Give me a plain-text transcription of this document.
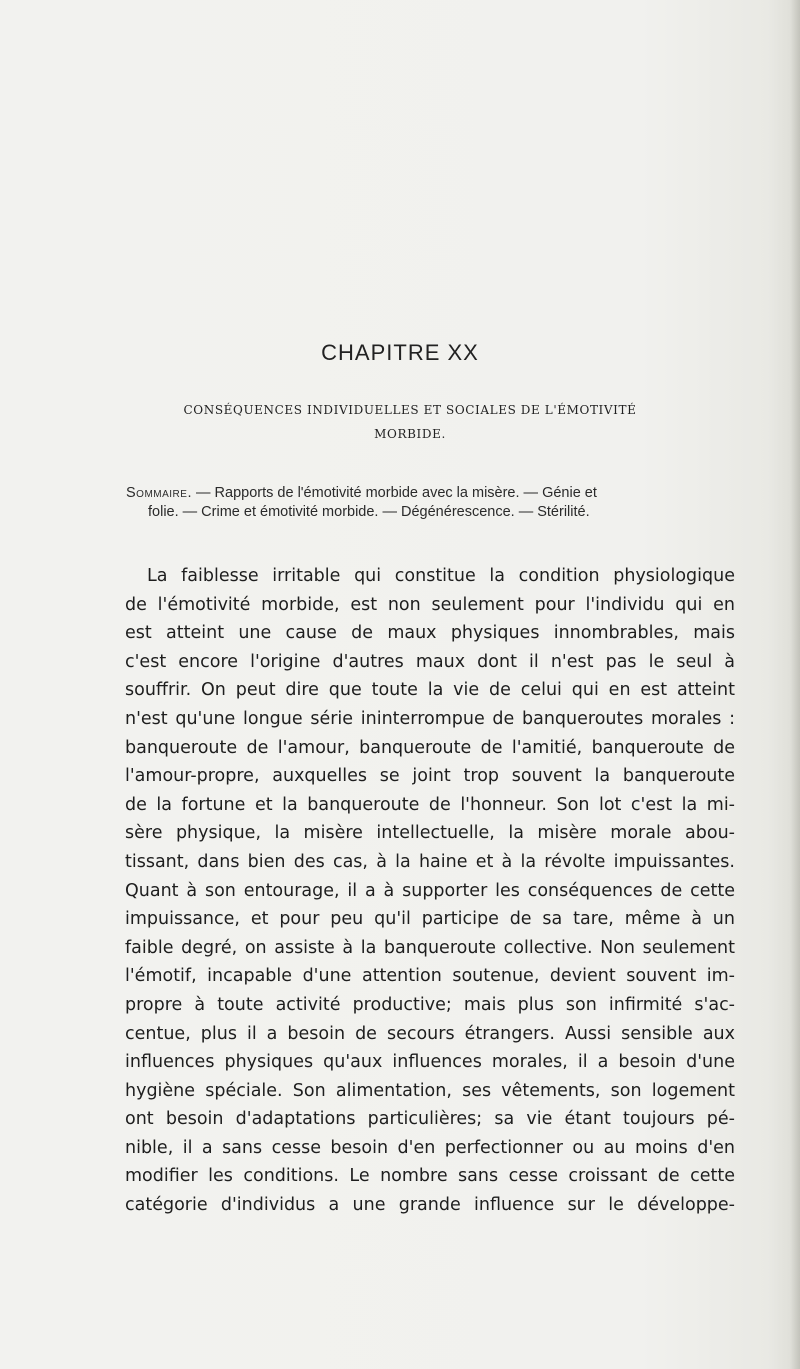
CHAPITRE XX
CONSÉQUENCES INDIVIDUELLES ET SOCIALES DE L'ÉMOTIVITÉ
MORBIDE.
Sommaire. — Rapports de l'émotivité morbide avec la misère. — Génie et
folie. — Crime et émotivité morbide. — Dégénérescence. — Stérilité.
La faiblesse irritable qui constitue la condition physiologique
de l'émotivité morbide, est non seulement pour l'individu qui en
est atteint une cause de maux physiques innombrables, mais
c'est encore l'origine d'autres maux dont il n'est pas le seul à
souffrir. On peut dire que toute la vie de celui qui en est atteint
n'est qu'une longue série ininterrompue de banqueroutes morales :
banqueroute de l'amour, banqueroute de l'amitié, banqueroute de
l'amour-propre, auxquelles se joint trop souvent la banqueroute
de la fortune et la banqueroute de l'honneur. Son lot c'est la mi-
sère physique, la misère intellectuelle, la misère morale abou-
tissant, dans bien des cas, à la haine et à la révolte impuissantes.
Quant à son entourage, il a à supporter les conséquences de cette
impuissance, et pour peu qu'il participe de sa tare, même à un
faible degré, on assiste à la banqueroute collective. Non seulement
l'émotif, incapable d'une attention soutenue, devient souvent im-
propre à toute activité productive; mais plus son infirmité s'ac-
centue, plus il a besoin de secours étrangers. Aussi sensible aux
influences physiques qu'aux influences morales, il a besoin d'une
hygiène spéciale. Son alimentation, ses vêtements, son logement
ont besoin d'adaptations particulières; sa vie étant toujours pé-
nible, il a sans cesse besoin d'en perfectionner ou au moins d'en
modifier les conditions. Le nombre sans cesse croissant de cette
catégorie d'individus a une grande influence sur le développe-
